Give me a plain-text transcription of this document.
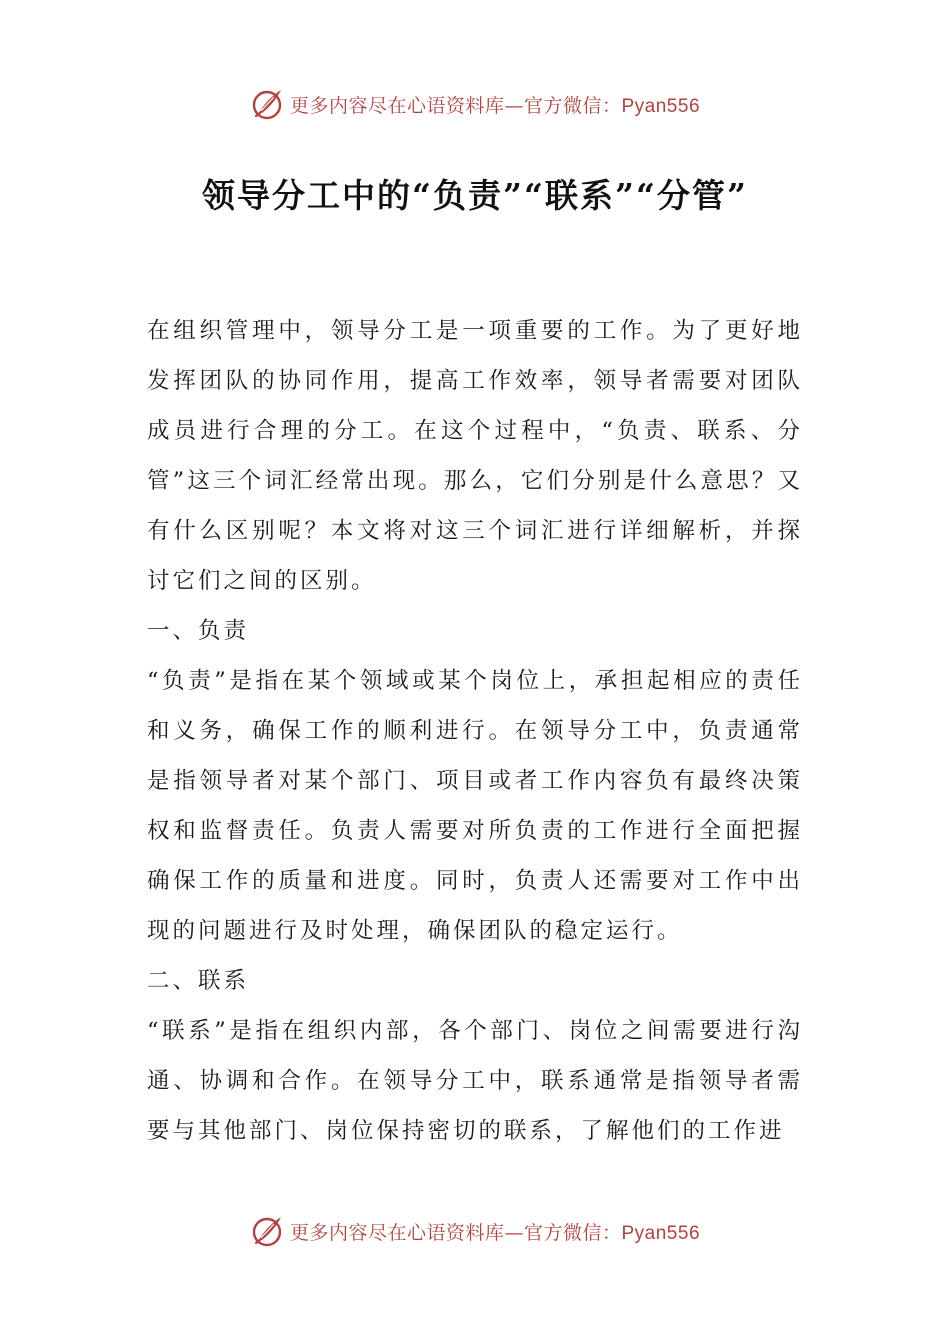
更多内容尽在心语资料库—官方微信：Pyan556
领导分工中的“负责”“联系”“分管”

在组织管理中，领导分工是一项重要的工作。为了更好地发挥团队的协同作用，提高工作效率，领导者需要对团队成员进行合理的分工。在这个过程中，“负责、联系、分管”这三个词汇经常出现。那么，它们分别是什么意思？又有什么区别呢？本文将对这三个词汇进行详细解析，并探讨它们之间的区别。

一、负责

“负责”是指在某个领域或某个岗位上，承担起相应的责任和义务，确保工作的顺利进行。在领导分工中，负责通常是指领导者对某个部门、项目或者工作内容负有最终决策权和监督责任。负责人需要对所负责的工作进行全面把握确保工作的质量和进度。同时，负责人还需要对工作中出现的问题进行及时处理，确保团队的稳定运行。

二、联系

“联系”是指在组织内部，各个部门、岗位之间需要进行沟通、协调和合作。在领导分工中，联系通常是指领导者需要与其他部门、岗位保持密切的联系，了解他们的工作进

更多内容尽在心语资料库—官方微信：Pyan556
